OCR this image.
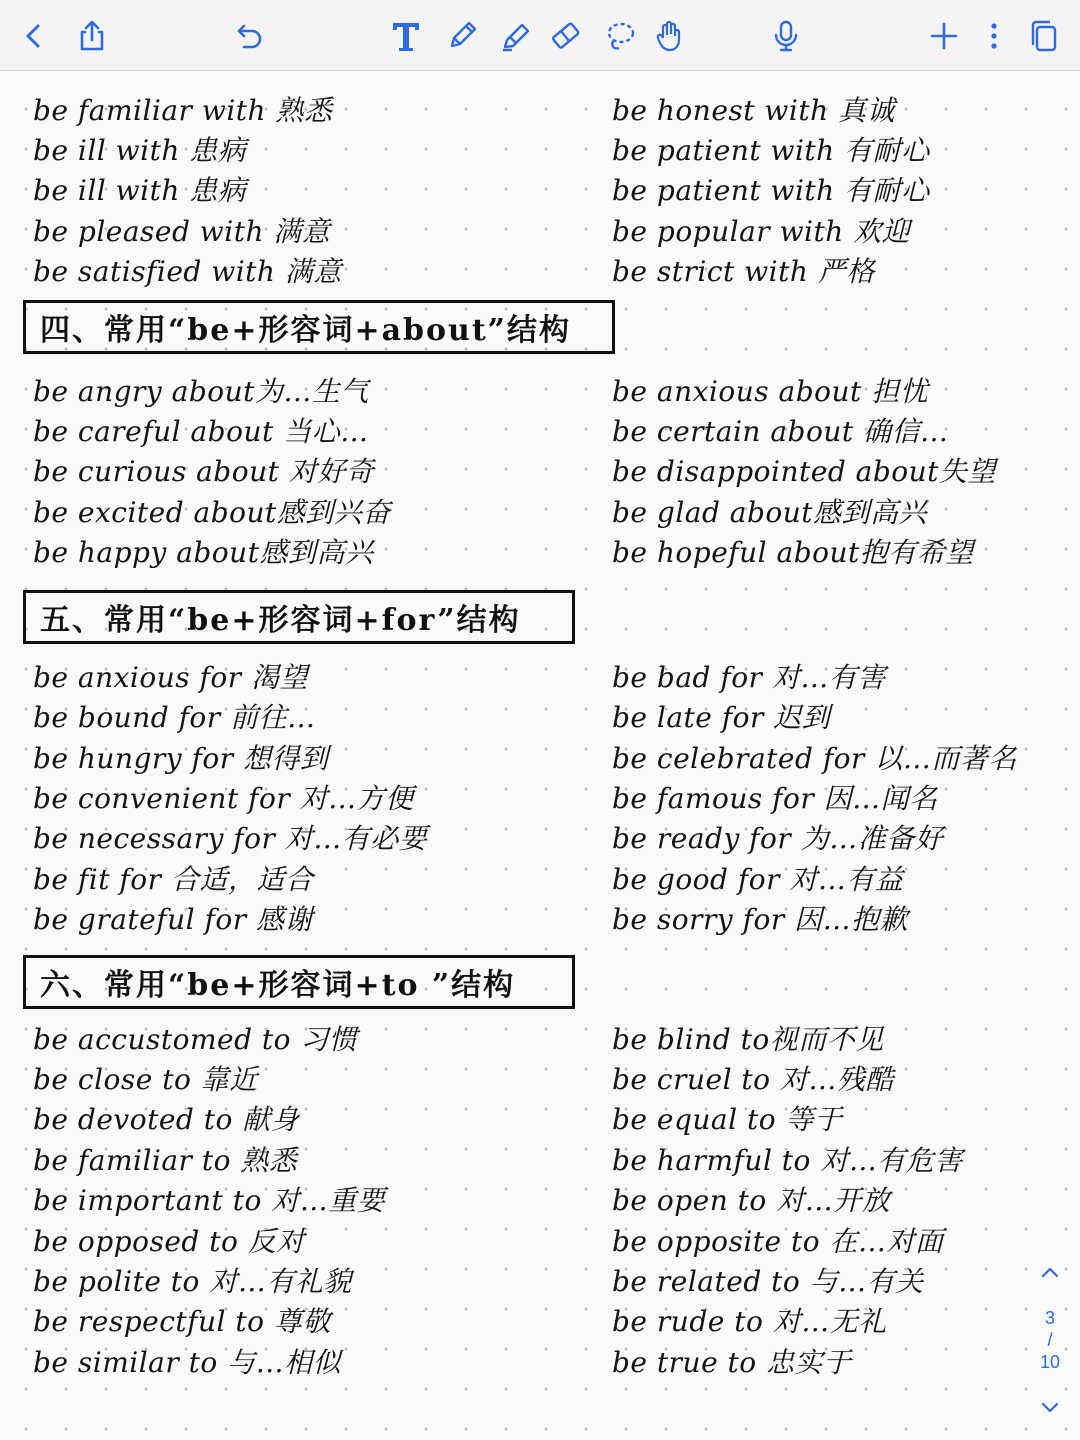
be familiar with 熟悉
be ill with 患病
be ill with 患病
be pleased with 满意
be satisfied with 满意
be honest with 真诚
be patient with 有耐心
be patient with 有耐心
be popular with 欢迎
be strict with 严格
四、常用“be+形容词+about”结构
be angry about为…生气
be careful about 当心…
be curious about 对好奇
be excited about感到兴奋
be happy about感到高兴
be anxious about 担忧
be certain about 确信…
be disappointed about失望
be glad about感到高兴
be hopeful about抱有希望
五、常用“be+形容词+for”结构
be anxious for 渴望
be bound for 前往…
be hungry for 想得到
be convenient for 对…方便
be necessary for 对…有必要
be fit for 合适，适合
be grateful for 感谢
be bad for 对…有害
be late for 迟到
be celebrated for 以…而著名
be famous for 因…闻名
be ready for 为…准备好
be good for 对…有益
be sorry for 因…抱歉
六、常用“be+形容词+to ”结构
be accustomed to 习惯
be close to 靠近
be devoted to 献身
be familiar to 熟悉
be important to 对…重要
be opposed to 反对
be polite to 对…有礼貌
be respectful to 尊敬
be similar to 与…相似
be blind to视而不见
be cruel to 对…残酷
be equal to 等于
be harmful to 对…有危害
be open to 对…开放
be opposite to 在…对面
be related to 与…有关
be rude to 对…无礼
be true to 忠实于
3
/
10
